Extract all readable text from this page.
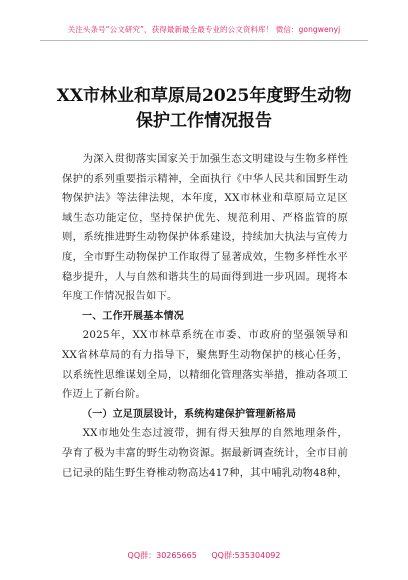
关注头条号“公文研究”，获得最新最全最专业的公文资料库！ 微信：gongwenyj
XX市林业和草原局2025年度野生动物保护工作情况报告

为深入贯彻落实国家关于加强生态文明建设与生物多样性保护的系列重要指示精神，全面执行《中华人民共和国野生动物保护法》等法律法规，本年度，XX市林业和草原局立足区域生态功能定位，坚持保护优先、规范利用、严格监管的原则，系统推进野生动物保护体系建设，持续加大执法与宣传力度，全市野生动物保护工作取得了显著成效，生物多样性水平稳步提升，人与自然和谐共生的局面得到进一步巩固。现将本年度工作情况报告如下。

一、工作开展基本情况

2025年，XX市林草系统在市委、市政府的坚强领导和XX省林草局的有力指导下，聚焦野生动物保护的核心任务，以系统性思维谋划全局，以精细化管理落实举措，推动各项工作迈上了新台阶。

（一）立足顶层设计，系统构建保护管理新格局

XX市地处生态过渡带，拥有得天独厚的自然地理条件，孕育了极为丰富的野生动物资源。据最新调查统计，全市目前已记录的陆生野生脊椎动物高达417种，其中哺乳动物48种，

QQ群：30265665 QQ群:535304092
